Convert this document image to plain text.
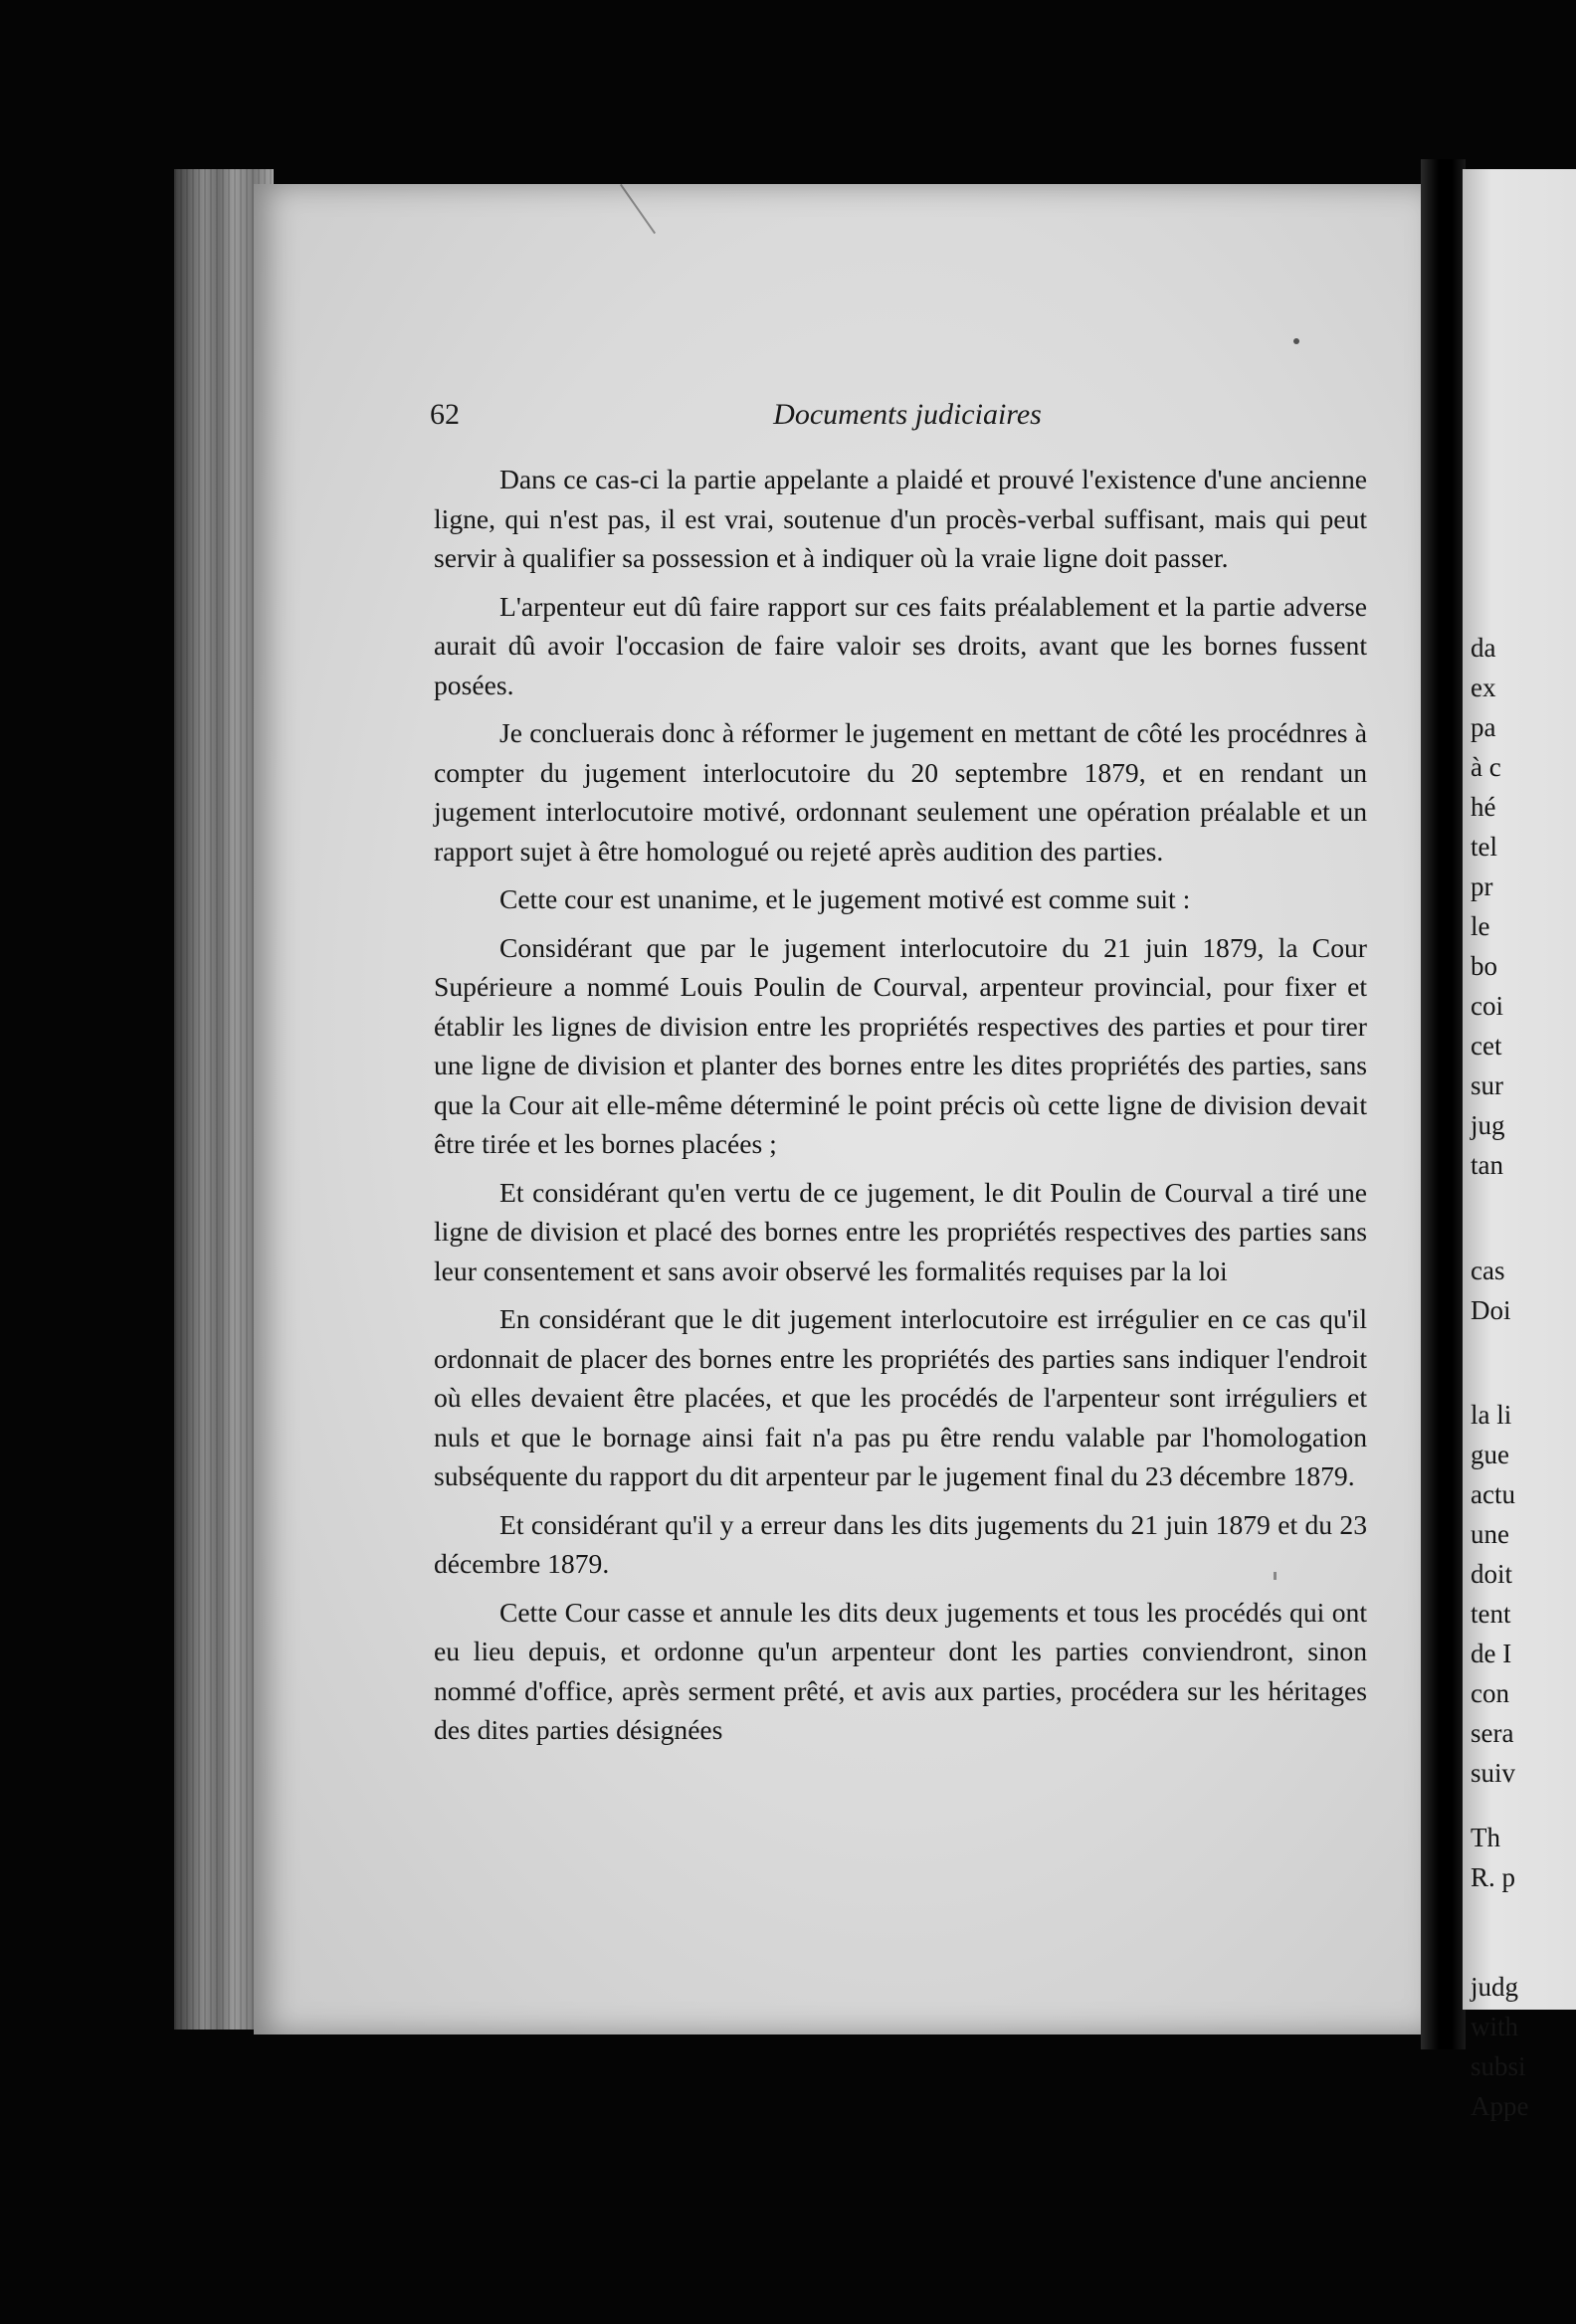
62	Documents judiciaires

Dans ce cas-ci la partie appelante a plaidé et prouvé l'existence d'une ancienne ligne, qui n'est pas, il est vrai, soutenue d'un procès-verbal suffisant, mais qui peut servir à qualifier sa possession et à indiquer où la vraie ligne doit passer.

L'arpenteur eut dû faire rapport sur ces faits préalablement et la partie adverse aurait dû avoir l'occasion de faire valoir ses droits, avant que les bornes fussent posées.

Je concluerais donc à réformer le jugement en mettant de côté les procédnres à compter du jugement interlocutoire du 20 septembre 1879, et en rendant un jugement interlocutoire motivé, ordonnant seulement une opération préalable et un rapport sujet à être homologué ou rejeté après audition des parties.

Cette cour est unanime, et le jugement motivé est comme suit :

Considérant que par le jugement interlocutoire du 21 juin 1879, la Cour Supérieure a nommé Louis Poulin de Courval, arpenteur provincial, pour fixer et établir les lignes de division entre les propriétés respectives des parties et pour tirer une ligne de division et planter des bornes entre les dites propriétés des parties, sans que la Cour ait elle-même déterminé le point précis où cette ligne de division devait être tirée et les bornes placées ;

Et considérant qu'en vertu de ce jugement, le dit Poulin de Courval a tiré une ligne de division et placé des bornes entre les propriétés respectives des parties sans leur consentement et sans avoir observé les formalités requises par la loi

En considérant que le dit jugement interlocutoire est irrégulier en ce cas qu'il ordonnait de placer des bornes entre les propriétés des parties sans indiquer l'endroit où elles devaient être placées, et que les procédés de l'arpenteur sont irréguliers et nuls et que le bornage ainsi fait n'a pas pu être rendu valable par l'homologation subséquente du rapport du dit arpenteur par le jugement final du 23 décembre 1879.

Et considérant qu'il y a erreur dans les dits jugements du 21 juin 1879 et du 23 décembre 1879.

Cette Cour casse et annule les dits deux jugements et tous les procédés qui ont eu lieu depuis, et ordonne qu'un arpenteur dont les parties conviendront, sinon nommé d'office, après serment prêté, et avis aux parties, procédera sur les héritages des dites parties désignées

da
ex
pa
à c
hé
tel
pr
le
bo
coi
cet
sur
jug
tan
cas
Doi
la li
gue
actu
une
doit
tent
de I
con
sera
suiv
Th
R. p
judg
with
subsi
Appe
